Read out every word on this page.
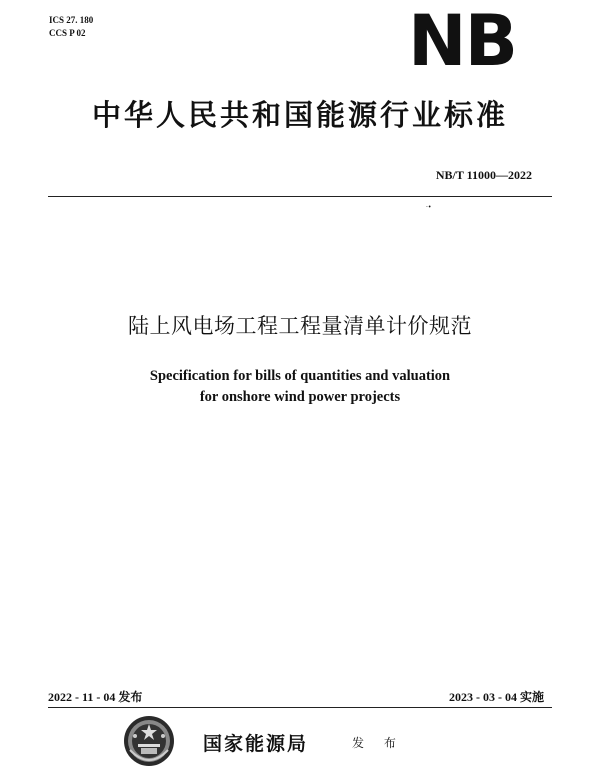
ICS 27. 180
CCS P 02	NB
中华人民共和国能源行业标准
NB/T 11000—2022
·•
陆上风电场工程工程量清单计价规范
Specification for bills of quantities and valuation
for onshore wind power projects
2022 - 11 - 04 发布	2023 - 03 - 04 实施
国家能源局	发 布
